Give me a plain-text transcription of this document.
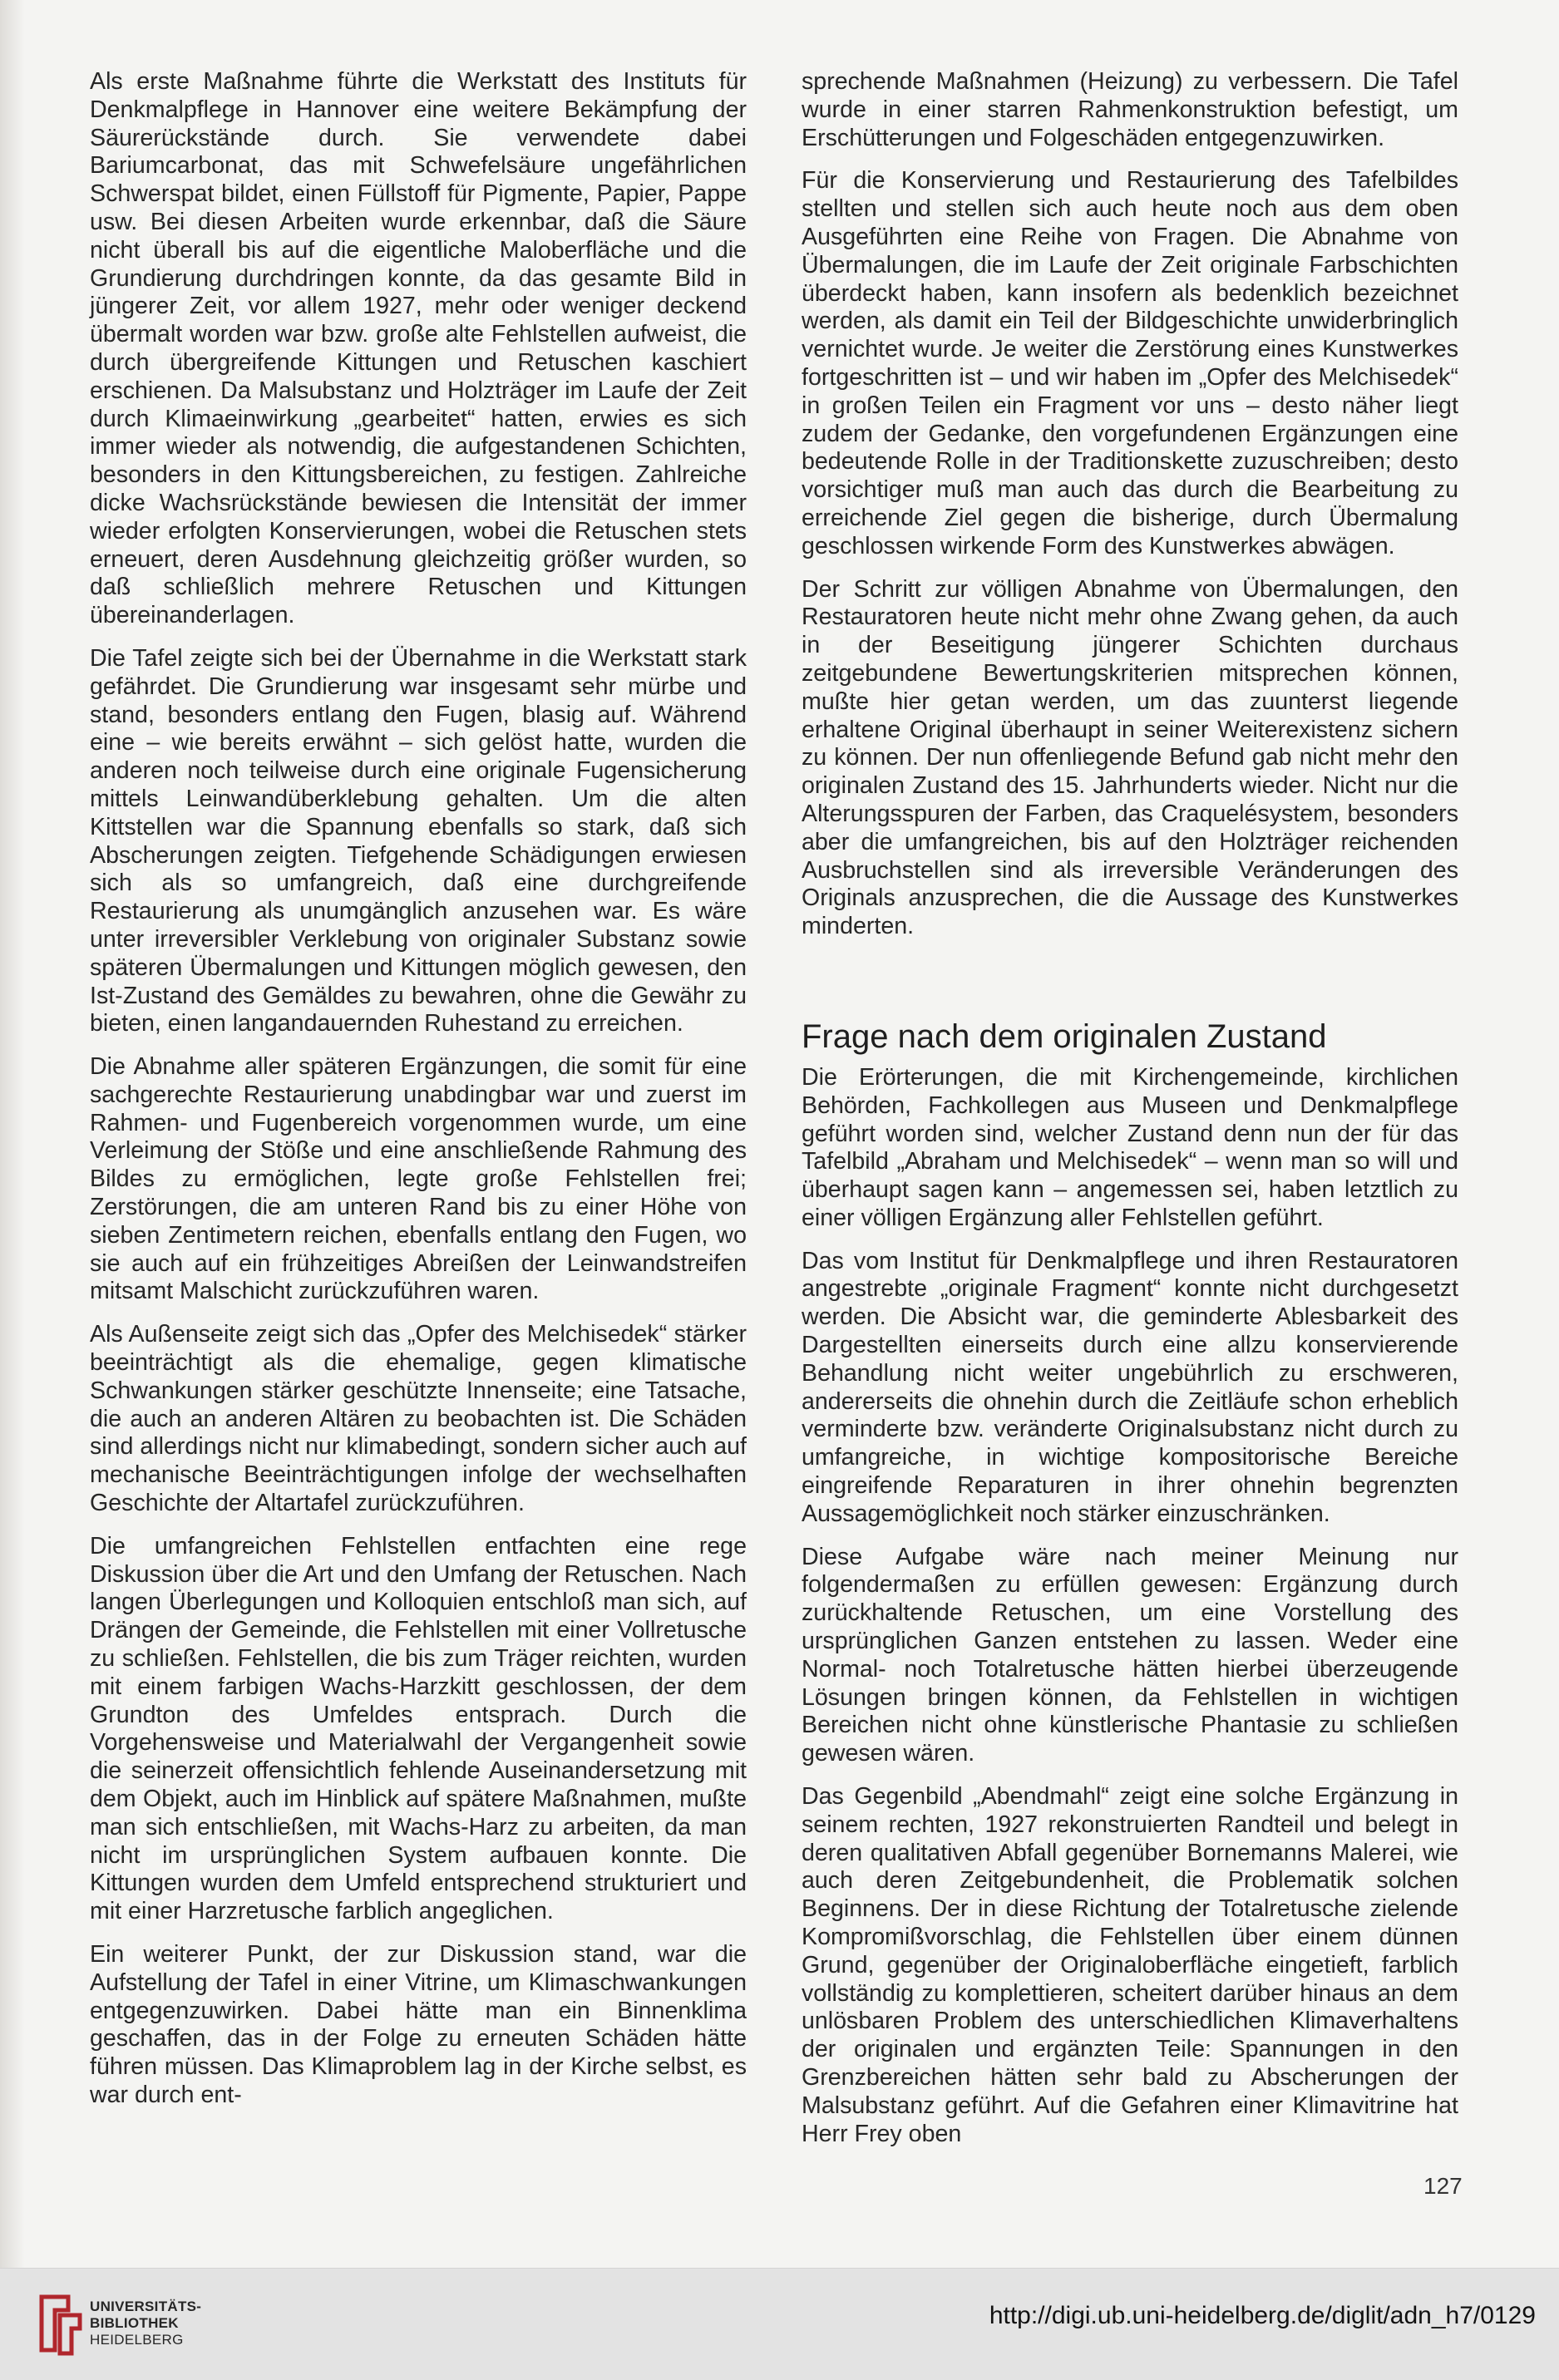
Als erste Maßnahme führte die Werkstatt des Instituts für Denkmalpflege in Hannover eine weitere Bekämpfung der Säurerückstände durch. Sie verwendete dabei Bariumcarbonat, das mit Schwefelsäure ungefährlichen Schwerspat bildet, einen Füllstoff für Pigmente, Papier, Pappe usw. Bei diesen Arbeiten wurde erkennbar, daß die Säure nicht überall bis auf die eigentliche Maloberfläche und die Grundierung durchdringen konnte, da das gesamte Bild in jüngerer Zeit, vor allem 1927, mehr oder weniger deckend übermalt worden war bzw. große alte Fehlstellen aufweist, die durch übergreifende Kittungen und Retuschen kaschiert erschienen. Da Malsubstanz und Holzträger im Laufe der Zeit durch Klimaeinwirkung „gearbeitet“ hatten, erwies es sich immer wieder als notwendig, die aufgestandenen Schichten, besonders in den Kittungsbereichen, zu festigen. Zahlreiche dicke Wachsrückstände bewiesen die Intensität der immer wieder erfolgten Konservierungen, wobei die Retuschen stets erneuert, deren Ausdehnung gleichzeitig größer wurden, so daß schließlich mehrere Retuschen und Kittungen übereinanderlagen.

Die Tafel zeigte sich bei der Übernahme in die Werkstatt stark gefährdet. Die Grundierung war insgesamt sehr mürbe und stand, besonders entlang den Fugen, blasig auf. Während eine – wie bereits erwähnt – sich gelöst hatte, wurden die anderen noch teilweise durch eine originale Fugensicherung mittels Leinwandüberklebung gehalten. Um die alten Kittstellen war die Spannung ebenfalls so stark, daß sich Abscherungen zeigten. Tiefgehende Schädigungen erwiesen sich als so umfangreich, daß eine durchgreifende Restaurierung als unumgänglich anzusehen war. Es wäre unter irreversibler Verklebung von originaler Substanz sowie späteren Übermalungen und Kittungen möglich gewesen, den Ist-Zustand des Gemäldes zu bewahren, ohne die Gewähr zu bieten, einen langandauernden Ruhestand zu erreichen.

Die Abnahme aller späteren Ergänzungen, die somit für eine sachgerechte Restaurierung unabdingbar war und zuerst im Rahmen- und Fugenbereich vorgenommen wurde, um eine Verleimung der Stöße und eine anschließende Rahmung des Bildes zu ermöglichen, legte große Fehlstellen frei; Zerstörungen, die am unteren Rand bis zu einer Höhe von sieben Zentimetern reichen, ebenfalls entlang den Fugen, wo sie auch auf ein frühzeitiges Abreißen der Leinwandstreifen mitsamt Malschicht zurückzuführen waren.

Als Außenseite zeigt sich das „Opfer des Melchisedek“ stärker beeinträchtigt als die ehemalige, gegen klimatische Schwankungen stärker geschützte Innenseite; eine Tatsache, die auch an anderen Altären zu beobachten ist. Die Schäden sind allerdings nicht nur klimabedingt, sondern sicher auch auf mechanische Beeinträchtigungen infolge der wechselhaften Geschichte der Altartafel zurückzuführen.

Die umfangreichen Fehlstellen entfachten eine rege Diskussion über die Art und den Umfang der Retuschen. Nach langen Überlegungen und Kolloquien entschloß man sich, auf Drängen der Gemeinde, die Fehlstellen mit einer Vollretusche zu schließen. Fehlstellen, die bis zum Träger reichten, wurden mit einem farbigen Wachs-Harzkitt geschlossen, der dem Grundton des Umfeldes entsprach. Durch die Vorgehensweise und Materialwahl der Vergangenheit sowie die seinerzeit offensichtlich fehlende Auseinandersetzung mit dem Objekt, auch im Hinblick auf spätere Maßnahmen, mußte man sich entschließen, mit Wachs-Harz zu arbeiten, da man nicht im ursprünglichen System aufbauen konnte. Die Kittungen wurden dem Umfeld entsprechend strukturiert und mit einer Harzretusche farblich angeglichen.

Ein weiterer Punkt, der zur Diskussion stand, war die Aufstellung der Tafel in einer Vitrine, um Klimaschwankungen entgegenzuwirken. Dabei hätte man ein Binnenklima geschaffen, das in der Folge zu erneuten Schäden hätte führen müssen. Das Klimaproblem lag in der Kirche selbst, es war durch ent-

sprechende Maßnahmen (Heizung) zu verbessern. Die Tafel wurde in einer starren Rahmenkonstruktion befestigt, um Erschütterungen und Folgeschäden entgegenzuwirken.

Für die Konservierung und Restaurierung des Tafelbildes stellten und stellen sich auch heute noch aus dem oben Ausgeführten eine Reihe von Fragen. Die Abnahme von Übermalungen, die im Laufe der Zeit originale Farbschichten überdeckt haben, kann insofern als bedenklich bezeichnet werden, als damit ein Teil der Bildgeschichte unwiderbringlich vernichtet wurde. Je weiter die Zerstörung eines Kunstwerkes fortgeschritten ist – und wir haben im „Opfer des Melchisedek“ in großen Teilen ein Fragment vor uns – desto näher liegt zudem der Gedanke, den vorgefundenen Ergänzungen eine bedeutende Rolle in der Traditionskette zuzuschreiben; desto vorsichtiger muß man auch das durch die Bearbeitung zu erreichende Ziel gegen die bisherige, durch Übermalung geschlossen wirkende Form des Kunstwerkes abwägen.

Der Schritt zur völligen Abnahme von Übermalungen, den Restauratoren heute nicht mehr ohne Zwang gehen, da auch in der Beseitigung jüngerer Schichten durchaus zeitgebundene Bewertungskriterien mitsprechen können, mußte hier getan werden, um das zuunterst liegende erhaltene Original überhaupt in seiner Weiterexistenz sichern zu können. Der nun offenliegende Befund gab nicht mehr den originalen Zustand des 15. Jahrhunderts wieder. Nicht nur die Alterungsspuren der Farben, das Craquelésystem, besonders aber die umfangreichen, bis auf den Holzträger reichenden Ausbruchstellen sind als irreversible Veränderungen des Originals anzusprechen, die die Aussage des Kunstwerkes minderten.

Frage nach dem originalen Zustand

Die Erörterungen, die mit Kirchengemeinde, kirchlichen Behörden, Fachkollegen aus Museen und Denkmalpflege geführt worden sind, welcher Zustand denn nun der für das Tafelbild „Abraham und Melchisedek“ – wenn man so will und überhaupt sagen kann – angemessen sei, haben letztlich zu einer völligen Ergänzung aller Fehlstellen geführt.

Das vom Institut für Denkmalpflege und ihren Restauratoren angestrebte „originale Fragment“ konnte nicht durchgesetzt werden. Die Absicht war, die geminderte Ablesbarkeit des Dargestellten einerseits durch eine allzu konservierende Behandlung nicht weiter ungebührlich zu erschweren, andererseits die ohnehin durch die Zeitläufe schon erheblich verminderte bzw. veränderte Originalsubstanz nicht durch zu umfangreiche, in wichtige kompositorische Bereiche eingreifende Reparaturen in ihrer ohnehin begrenzten Aussagemöglichkeit noch stärker einzuschränken.

Diese Aufgabe wäre nach meiner Meinung nur folgendermaßen zu erfüllen gewesen: Ergänzung durch zurückhaltende Retuschen, um eine Vorstellung des ursprünglichen Ganzen entstehen zu lassen. Weder eine Normal- noch Totalretusche hätten hierbei überzeugende Lösungen bringen können, da Fehlstellen in wichtigen Bereichen nicht ohne künstlerische Phantasie zu schließen gewesen wären.

Das Gegenbild „Abendmahl“ zeigt eine solche Ergänzung in seinem rechten, 1927 rekonstruierten Randteil und belegt in deren qualitativen Abfall gegenüber Bornemanns Malerei, wie auch deren Zeitgebundenheit, die Problematik solchen Beginnens. Der in diese Richtung der Totalretusche zielende Kompromißvorschlag, die Fehlstellen über einem dünnen Grund, gegenüber der Originaloberfläche eingetieft, farblich vollständig zu komplettieren, scheitert darüber hinaus an dem unlösbaren Problem des unterschiedlichen Klimaverhaltens der originalen und ergänzten Teile: Spannungen in den Grenzbereichen hätten sehr bald zu Abscherungen der Malsubstanz geführt. Auf die Gefahren einer Klimavitrine hat Herr Frey oben

127
UNIVERSITÄTS-
BIBLIOTHEK
HEIDELBERG
http://digi.ub.uni-heidelberg.de/diglit/adn_h7/0129
